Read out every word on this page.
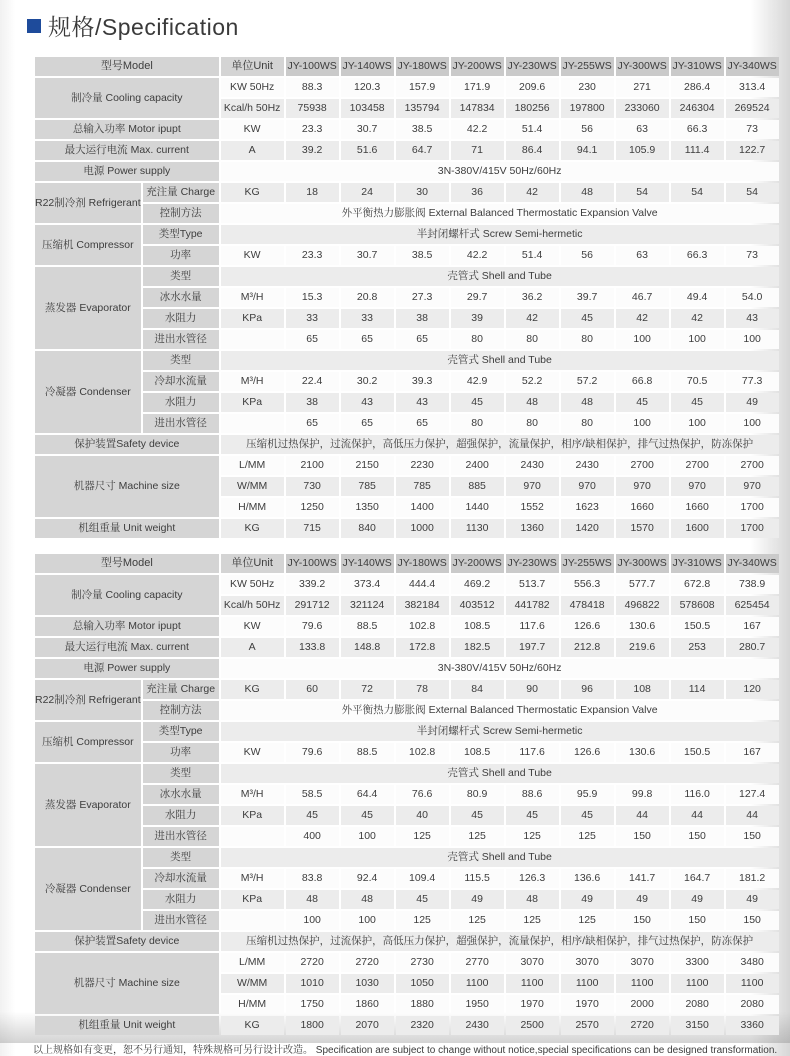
规格/Specification
型号Model		单位Unit	JY-100WS	JY-140WS	JY-180WS	JY-200WS	JY-230WS	JY-255WS	JY-300WS	JY-310WS	JY-340WS
制冷量 Cooling capacity		KW 50Hz	88.3	120.3	157.9	171.9	209.6	230	271	286.4	313.4
		Kcal/h 50Hz	75938	103458	135794	147834	180256	197800	233060	246304	269524
总输入功率 Motor ipupt		KW	23.3	30.7	38.5	42.2	51.4	56	63	66.3	73
最大运行电流 Max. current		A	39.2	51.6	64.7	71	86.4	94.1	105.9	111.4	122.7
电源 Power supply		3N-380V/415V 50Hz/60Hz									
R22制冷剂 Refrigerant	充注量 Charge	KG	18	24	30	36	42	48	54	54	54
	控制方法	外平衡热力膨胀阀 External Balanced Thermostatic Expansion Valve									
压缩机 Compressor	类型Type	半封闭螺杆式 Screw Semi-hermetic									
	功率	KW	23.3	30.7	38.5	42.2	51.4	56	63	66.3	73
蒸发器 Evaporator	类型	壳管式 Shell and Tube									
	冰水水量	M³/H	15.3	20.8	27.3	29.7	36.2	39.7	46.7	49.4	54.0
	水阻力	KPa	33	33	38	39	42	45	42	42	43
	进出水管径		65	65	65	80	80	80	100	100	100
冷凝器 Condenser	类型	壳管式 Shell and Tube									
	冷却水流量	M³/H	22.4	30.2	39.3	42.9	52.2	57.2	66.8	70.5	77.3
	水阻力	KPa	38	43	43	45	48	48	45	45	49
	进出水管径		65	65	65	80	80	80	100	100	100
保护装置Safety device		压缩机过热保护，过流保护，高低压力保护，超强保护，流量保护，相序/缺相保护，排气过热保护，防冻保护									
机器尺寸 Machine size		L/MM	2100	2150	2230	2400	2430	2430	2700	2700	2700
		W/MM	730	785	785	885	970	970	970	970	970
		H/MM	1250	1350	1400	1440	1552	1623	1660	1660	1700
机组重量 Unit weight		KG	715	840	1000	1130	1360	1420	1570	1600	1700
型号Model		单位Unit	JY-100WS	JY-140WS	JY-180WS	JY-200WS	JY-230WS	JY-255WS	JY-300WS	JY-310WS	JY-340WS
制冷量 Cooling capacity		KW 50Hz	339.2	373.4	444.4	469.2	513.7	556.3	577.7	672.8	738.9
		Kcal/h 50Hz	291712	321124	382184	403512	441782	478418	496822	578608	625454
总输入功率 Motor ipupt		KW	79.6	88.5	102.8	108.5	117.6	126.6	130.6	150.5	167
最大运行电流 Max. current		A	133.8	148.8	172.8	182.5	197.7	212.8	219.6	253	280.7
电源 Power supply		3N-380V/415V 50Hz/60Hz									
R22制冷剂 Refrigerant	充注量 Charge	KG	60	72	78	84	90	96	108	114	120
	控制方法	外平衡热力膨胀阀 External Balanced Thermostatic Expansion Valve									
压缩机 Compressor	类型Type	半封闭螺杆式 Screw Semi-hermetic									
	功率	KW	79.6	88.5	102.8	108.5	117.6	126.6	130.6	150.5	167
蒸发器 Evaporator	类型	壳管式 Shell and Tube									
	冰水水量	M³/H	58.5	64.4	76.6	80.9	88.6	95.9	99.8	116.0	127.4
	水阻力	KPa	45	45	40	45	45	45	44	44	44
	进出水管径		400	100	125	125	125	125	150	150	150
冷凝器 Condenser	类型	壳管式 Shell and Tube									
	冷却水流量	M³/H	83.8	92.4	109.4	115.5	126.3	136.6	141.7	164.7	181.2
	水阻力	KPa	48	48	45	49	48	49	49	49	49
	进出水管径		100	100	125	125	125	125	150	150	150
保护装置Safety device		压缩机过热保护，过流保护，高低压力保护，超强保护，流量保护，相序/缺相保护，排气过热保护，防冻保护									
机器尺寸 Machine size		L/MM	2720	2720	2730	2770	3070	3070	3070	3300	3480
		W/MM	1010	1030	1050	1100	1100	1100	1100	1100	1100
		H/MM	1750	1860	1880	1950	1970	1970	2000	2080	2080
机组重量 Unit weight		KG	1800	2070	2320	2430	2500	2570	2720	3150	3360
以上规格如有变更，恕不另行通知，特殊规格可另行设计改造。 Specification are subject to change without notice,special specifications can be designed transformation.
